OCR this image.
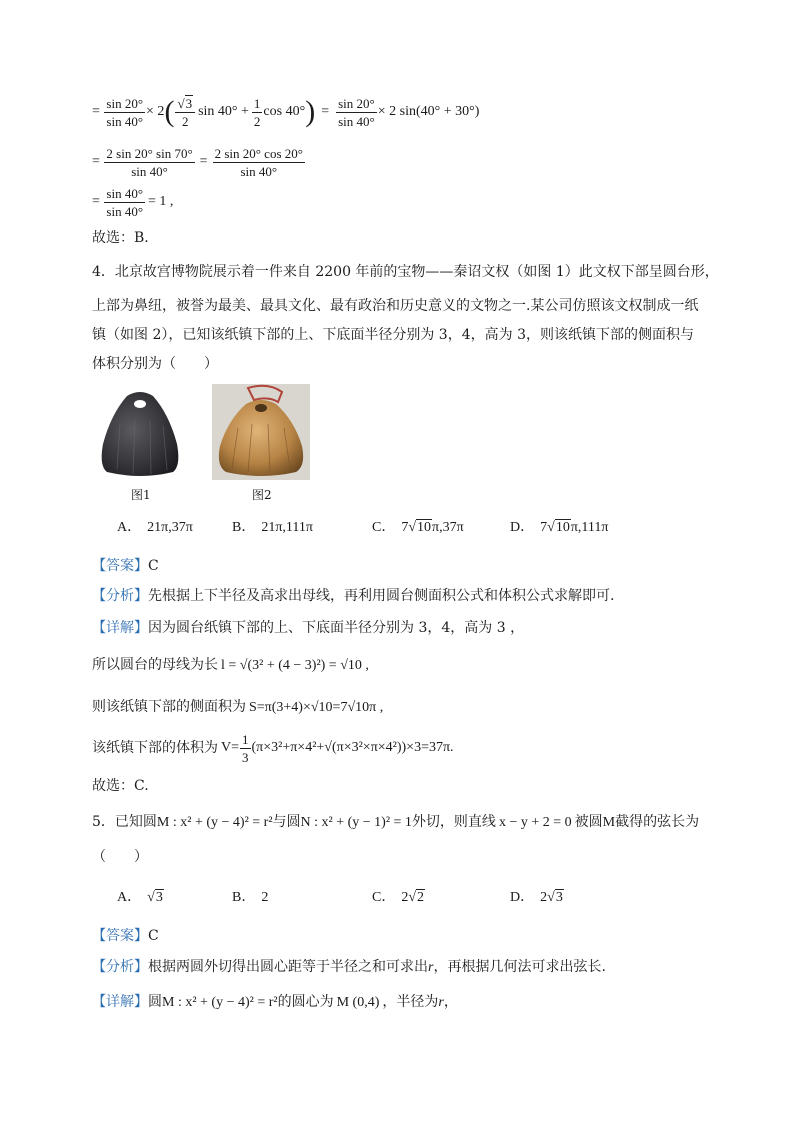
= $\frac{\sin 20^\circ}{\sin 40^\circ} \times 2$ ( $\frac{√3}{2}$ $\sin 40^\circ + \frac{1}{2}$ cos 40° ) = $\frac{\sin 20^\circ}{\sin 40^\circ} \times 2$ sin(40° + 30°)
= $\frac{2 \sin 20^\circ \sin 70^\circ}{\sin 40^\circ} = \frac{2 \sin 20^\circ \cos 20^\circ}{\sin 40^\circ}$
= $\frac{\sin 40^\circ}{\sin 40^\circ} = 1$ ,
故选：B.
4．北京故宫博物院展示着一件来自 2200 年前的宝物——秦诏文权（如图 1）此文权下部呈圆台形，
上部为鼻纽，被誉为最美、最具文化、最有政治和历史意义的文物之一.某公司仿照该文权制成一纸
镇（如图 2），已知该纸镇下部的上、下底面半径分别为 3，4，高为 3，则该纸镇下部的侧面积与
体积分别为（　　）
图1	图2
A． 21π,37π	B． 21π,111π	C． 7√10π,37π	D． 7√10π,111π
【答案】C
【分析】先根据上下半径及高求出母线，再利用圆台侧面积公式和体积公式求解即可.
【详解】因为圆台纸镇下部的上、下底面半径分别为 3，4，高为 3 ，
所以圆台的母线为长 l = √(3² + (4 − 3)²) = √10 ,
则该纸镇下部的侧面积为 S=π(3+4)×√10=7√10π ,
该纸镇下部的体积为 $V= \frac{1}{3} (\pi\times 3^2+\pi\times 4^2+√(\pi\times 3^2\times\pi\times 4^2))\times 3=37\pi$.
故选：C.
5．已知圆M : x² + (y − 4)² = r²与圆N : x² + (y − 1)² = 1外切，则直线 x − y + 2 = 0 被圆M截得的弦长为
（　　）
A． √3	B． 2	C． 2√2	D． 2√3
【答案】C
【分析】根据两圆外切得出圆心距等于半径之和可求出r，再根据几何法可求出弦长.
【详解】圆M : x² + (y − 4)² = r²的圆心为 M (0,4) ，半径为r，
